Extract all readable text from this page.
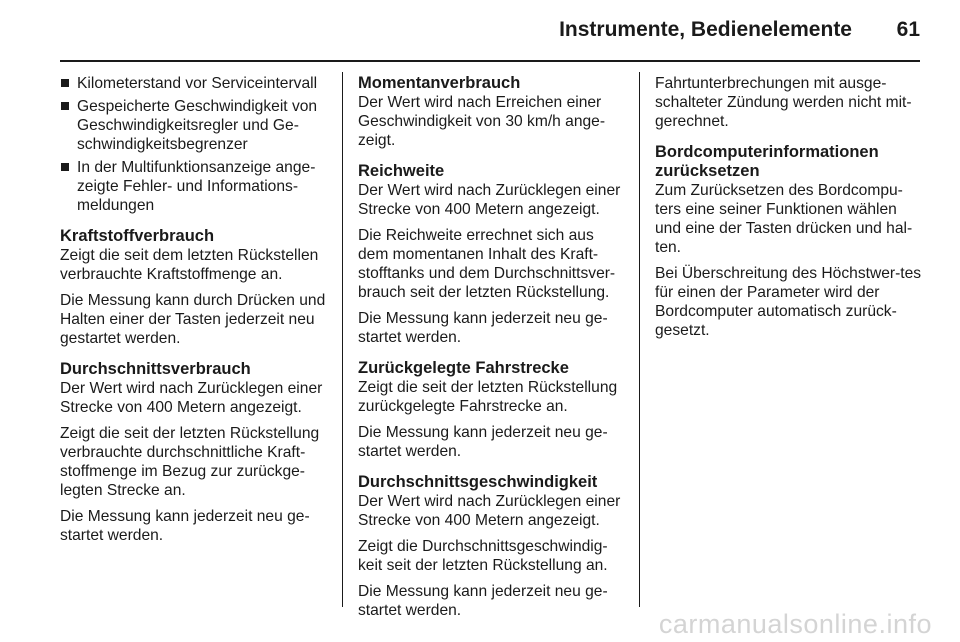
Instrumente, Bedienelemente 61
Kilometerstand vor Serviceintervall
Gespeicherte Geschwindigkeit von Geschwindigkeitsregler und Ge-schwindigkeitsbegrenzer
In der Multifunktionsanzeige ange-zeigte Fehler- und Informations-meldungen
Kraftstoffverbrauch

Zeigt die seit dem letzten Rückstellen verbrauchte Kraftstoffmenge an.

Die Messung kann durch Drücken und Halten einer der Tasten jederzeit neu gestartet werden.

Durchschnittsverbrauch

Der Wert wird nach Zurücklegen einer Strecke von 400 Metern angezeigt.

Zeigt die seit der letzten Rückstellung verbrauchte durchschnittliche Kraft-stoffmenge im Bezug zur zurückge-legten Strecke an.

Die Messung kann jederzeit neu ge-startet werden.

Momentanverbrauch

Der Wert wird nach Erreichen einer Geschwindigkeit von 30 km/h ange-zeigt.

Reichweite

Der Wert wird nach Zurücklegen einer Strecke von 400 Metern angezeigt.

Die Reichweite errechnet sich aus dem momentanen Inhalt des Kraft-stofftanks und dem Durchschnittsver-brauch seit der letzten Rückstellung.

Die Messung kann jederzeit neu ge-startet werden.

Zurückgelegte Fahrstrecke

Zeigt die seit der letzten Rückstellung zurückgelegte Fahrstrecke an.

Die Messung kann jederzeit neu ge-startet werden.

Durchschnittsgeschwindigkeit

Der Wert wird nach Zurücklegen einer Strecke von 400 Metern angezeigt.

Zeigt die Durchschnittsgeschwindig-keit seit der letzten Rückstellung an.

Die Messung kann jederzeit neu ge-startet werden.

Fahrtunterbrechungen mit ausge-schalteter Zündung werden nicht mit-gerechnet.

Bordcomputerinformationen zurücksetzen

Zum Zurücksetzen des Bordcompu-ters eine seiner Funktionen wählen und eine der Tasten drücken und hal-ten.

Bei Überschreitung des Höchstwer-tes für einen der Parameter wird der Bordcomputer automatisch zurück-gesetzt.

carmanualsonline.info
